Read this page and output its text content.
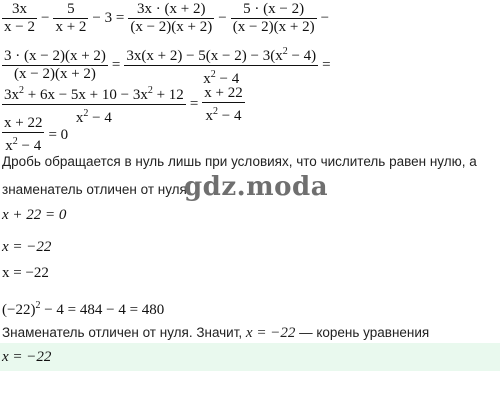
$\frac{3x}{x - 2} - \frac{5}{x + 2} - 3 = \frac{3x \cdot (x + 2)}{(x - 2)(x + 2)} - \frac{5 \cdot (x - 2)}{(x - 2)(x + 2)}$ −
$\frac{3 \cdot (x - 2)(x + 2)}{(x - 2)(x + 2)} = \frac{3x(x + 2) - 5(x - 2) - 3(x^2 - 4)}{x^2 - 4}$ =
$\frac{3x^2 + 6x - 5x + 10 - 3x^2 + 12}{x^2 - 4} = \frac{x + 22}{x^2 - 4}$
$\frac{x + 22}{x^2 - 4} = 0$
Дробь обращается в нуль лишь при условиях, что числитель равен нулю, а
знаменатель отличен от нуля.
gdz.moda
x + 22 = 0
x = −22
x = −22
$(-22)^2 - 4 = 484 - 4 = 480$
Знаменатель отличен от нуля. Значит, x = −22 — корень уравнения
x = −22
